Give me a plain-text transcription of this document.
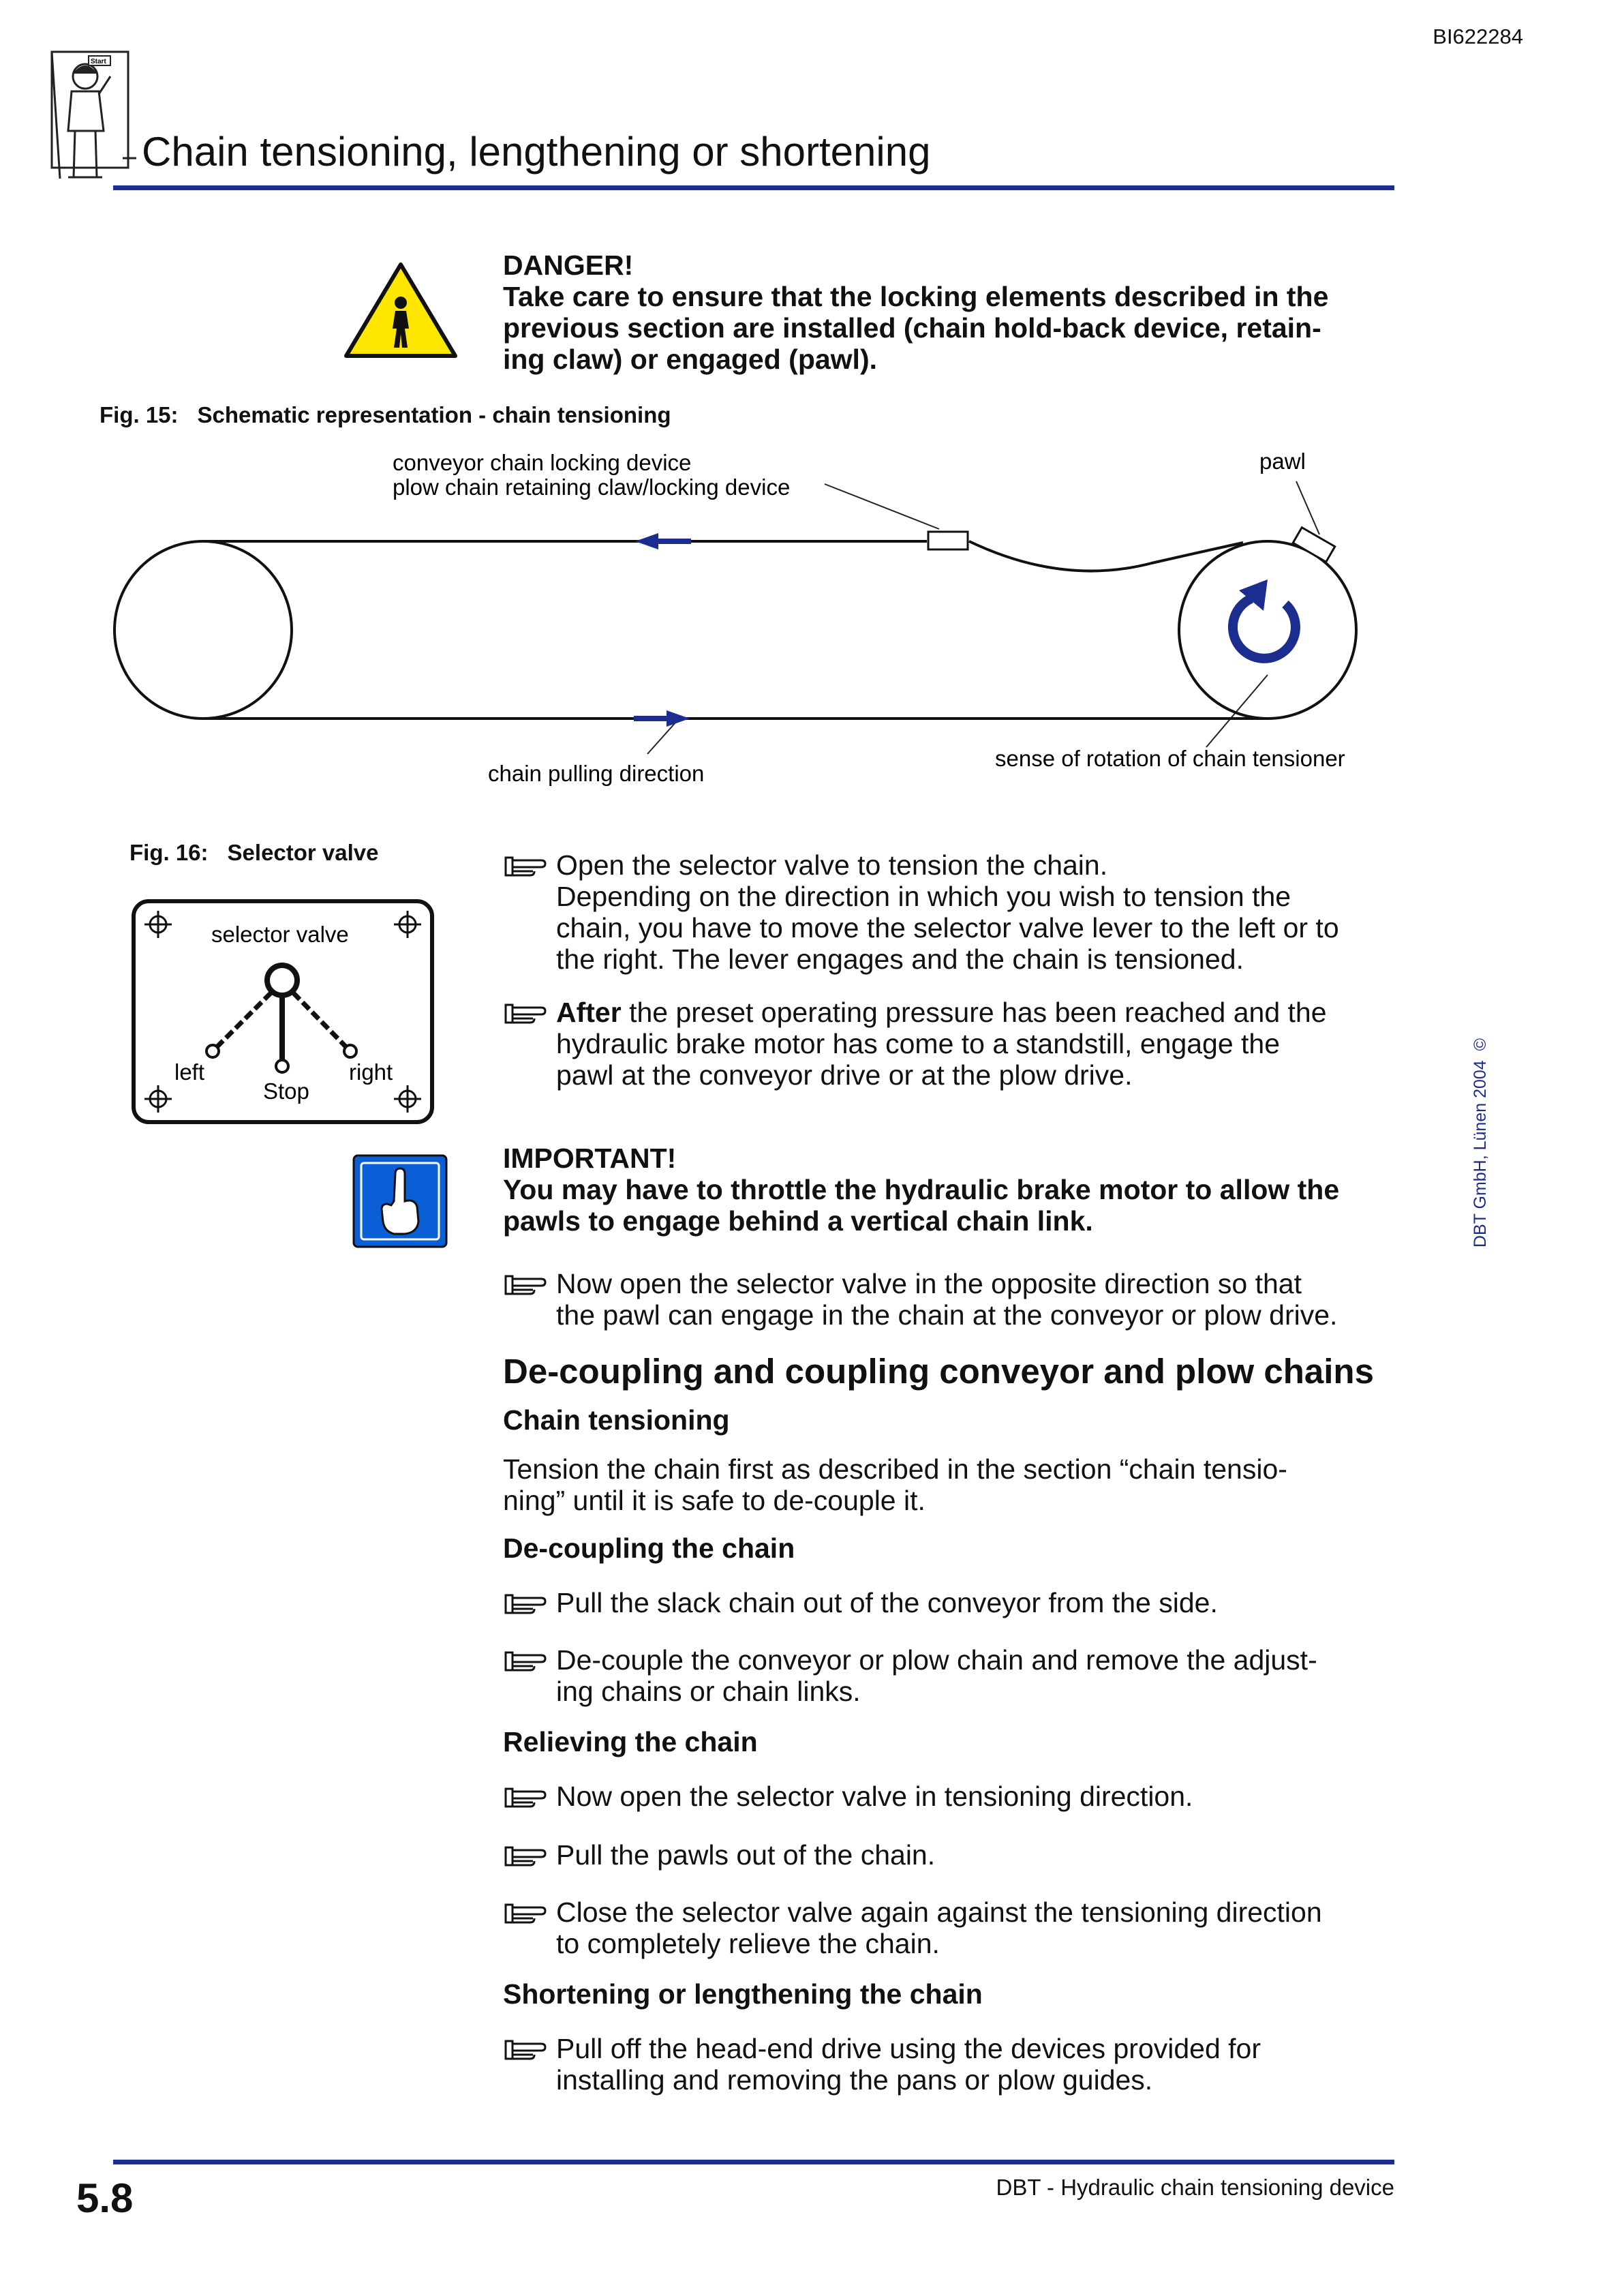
BI622284
Start
Chain tensioning, lengthening or shortening
DANGER!
Take care to ensure that the locking elements described in the
previous section are installed (chain hold-back device, retain-
ing claw) or engaged (pawl).
Fig. 15: Schematic representation - chain tensioning
conveyor chain locking device
plow chain retaining claw/locking device
pawl
chain pulling direction
sense of rotation of chain tensioner
Fig. 16: Selector valve
selector valve
left	right
Stop
Open the selector valve to tension the chain.
Depending on the direction in which you wish to tension the
chain, you have to move the selector valve lever to the left or to
the right. The lever engages and the chain is tensioned.
After the preset operating pressure has been reached and the
hydraulic brake motor has come to a standstill, engage the
pawl at the conveyor drive or at the plow drive.
IMPORTANT!
You may have to throttle the hydraulic brake motor to allow the
pawls to engage behind a vertical chain link.
Now open the selector valve in the opposite direction so that
the pawl can engage in the chain at the conveyor or plow drive.
De-coupling and coupling conveyor and plow chains
Chain tensioning
Tension the chain first as described in the section “chain tensio-
ning” until it is safe to de-couple it.
De-coupling the chain
Pull the slack chain out of the conveyor from the side.
De-couple the conveyor or plow chain and remove the adjust-
ing chains or chain links.
Relieving the chain
Now open the selector valve in tensioning direction.
Pull the pawls out of the chain.
Close the selector valve again against the tensioning direction
to completely relieve the chain.
Shortening or lengthening the chain
Pull off the head-end drive using the devices provided for
installing and removing the pans or plow guides.
DBT GmbH, Lünen 2004  ©
5.8	DBT - Hydraulic chain tensioning device
